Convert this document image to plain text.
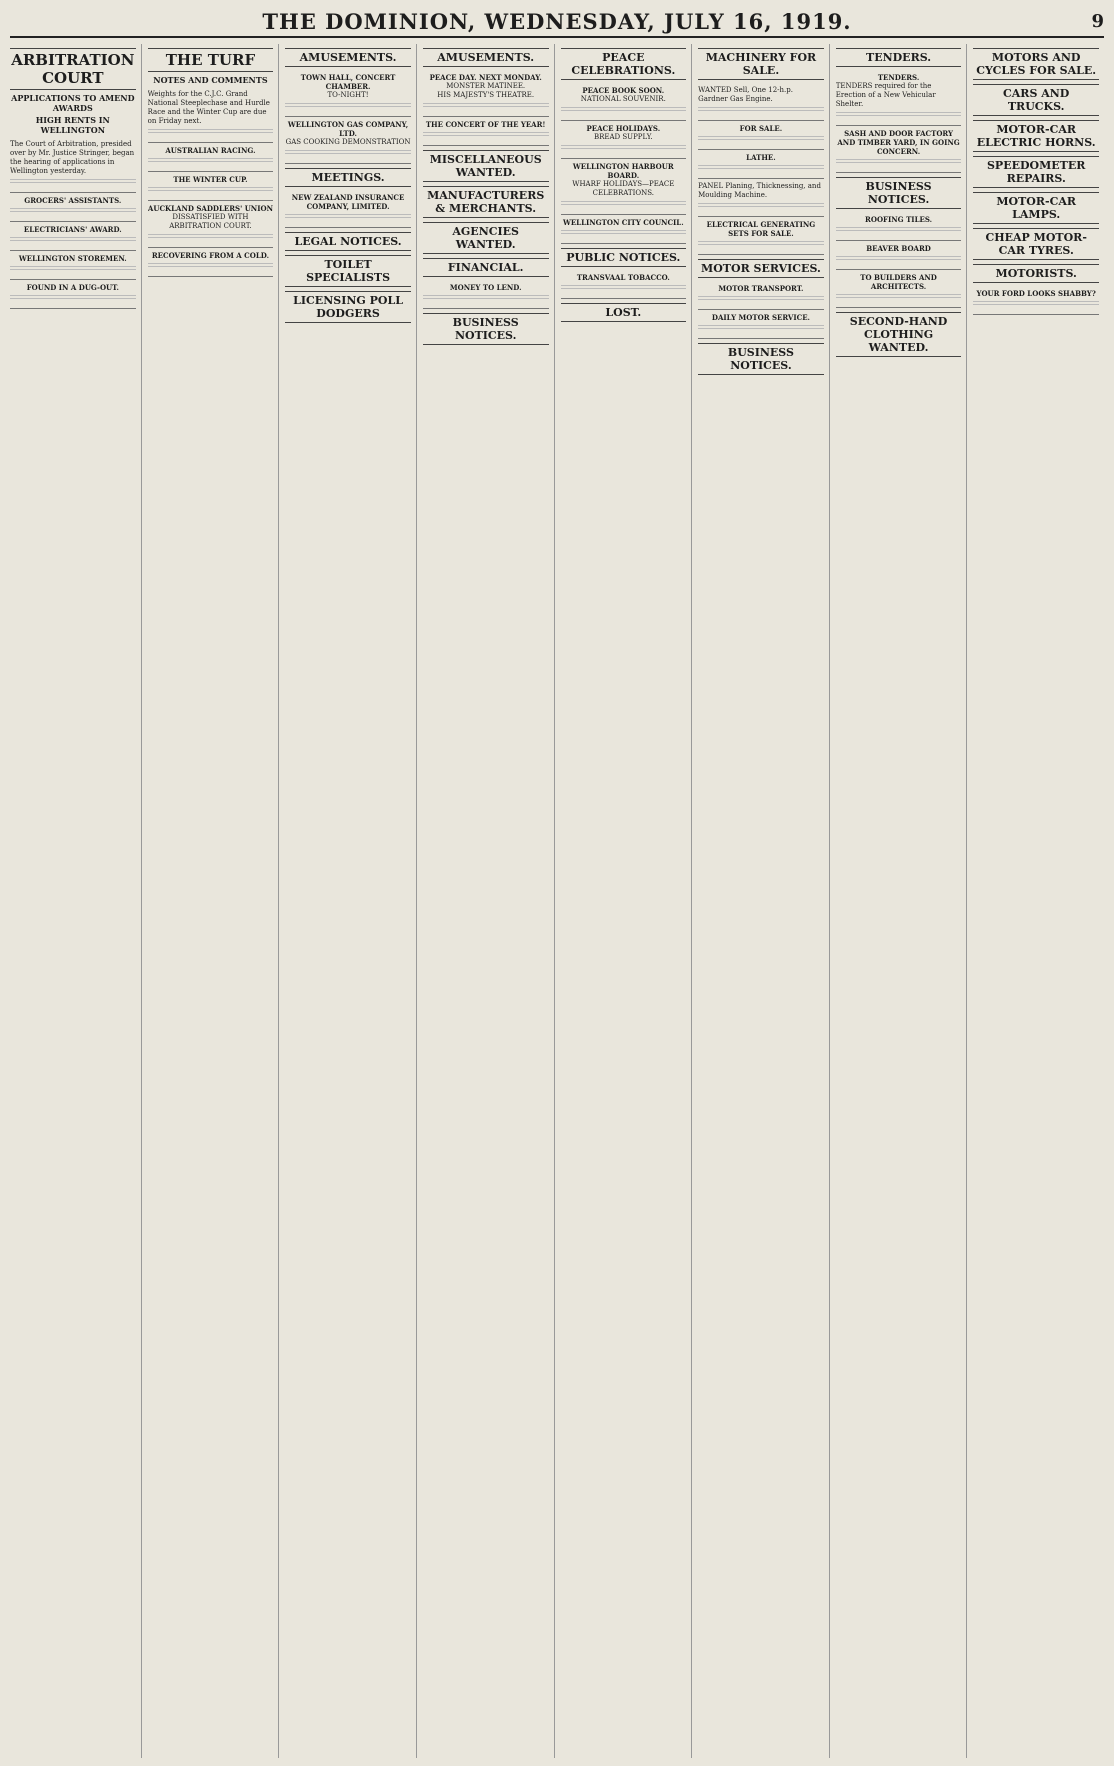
THE DOMINION, WEDNESDAY, JULY 16, 1919.	9
ARBITRATION COURT
APPLICATIONS TO AMEND AWARDS
HIGH RENTS IN WELLINGTON

The Court of Arbitration, presided over by Mr. Justice Stringer, began the hearing of applications in Wellington yesterday.

GROCERS' ASSISTANTS.

ELECTRICIANS' AWARD.

WELLINGTON STOREMEN.

FOUND IN A DUG-OUT.

THE TURF
NOTES AND COMMENTS

Weights for the C.J.C. Grand National Steeplechase and Hurdle Race and the Winter Cup are due on Friday next.

AUSTRALIAN RACING.

THE WINTER CUP.

AUCKLAND SADDLERS' UNION

DISSATISFIED WITH ARBITRATION COURT.

RECOVERING FROM A COLD.

AMUSEMENTS.

TOWN HALL, CONCERT CHAMBER.

TO-NIGHT!

WELLINGTON GAS COMPANY, LTD.

GAS COOKING DEMONSTRATION

MEETINGS.

NEW ZEALAND INSURANCE COMPANY, LIMITED.

LEGAL NOTICES.
TOILET SPECIALISTS
LICENSING POLL DODGERS
AMUSEMENTS.

PEACE DAY. NEXT MONDAY.

MONSTER MATINEE.

HIS MAJESTY'S THEATRE.

THE CONCERT OF THE YEAR!

MISCELLANEOUS WANTED.
MANUFACTURERS & MERCHANTS.
AGENCIES WANTED.
FINANCIAL.

MONEY TO LEND.

BUSINESS NOTICES.
PEACE CELEBRATIONS.

PEACE BOOK SOON.

NATIONAL SOUVENIR.

PEACE HOLIDAYS.

BREAD SUPPLY.

WELLINGTON HARBOUR BOARD.

WHARF HOLIDAYS—PEACE CELEBRATIONS.

WELLINGTON CITY COUNCIL.

PUBLIC NOTICES.

TRANSVAAL TOBACCO.

LOST.
MACHINERY FOR SALE.

WANTED Sell, One 12-h.p. Gardner Gas Engine.

FOR SALE.

LATHE.

PANEL Planing, Thicknessing, and Moulding Machine.

ELECTRICAL GENERATING SETS FOR SALE.

MOTOR SERVICES.

MOTOR TRANSPORT.

DAILY MOTOR SERVICE.

BUSINESS NOTICES.
TENDERS.

TENDERS.

TENDERS required for the Erection of a New Vehicular Shelter.

SASH AND DOOR FACTORY AND TIMBER YARD, IN GOING CONCERN.

BUSINESS NOTICES.

ROOFING TILES.

BEAVER BOARD

TO BUILDERS AND ARCHITECTS.

SECOND-HAND CLOTHING WANTED.
MOTORS AND CYCLES FOR SALE.
CARS AND TRUCKS.
MOTOR-CAR ELECTRIC HORNS.
SPEEDOMETER REPAIRS.
MOTOR-CAR LAMPS.
CHEAP MOTOR-CAR TYRES.
MOTORISTS.

YOUR FORD LOOKS SHABBY?
